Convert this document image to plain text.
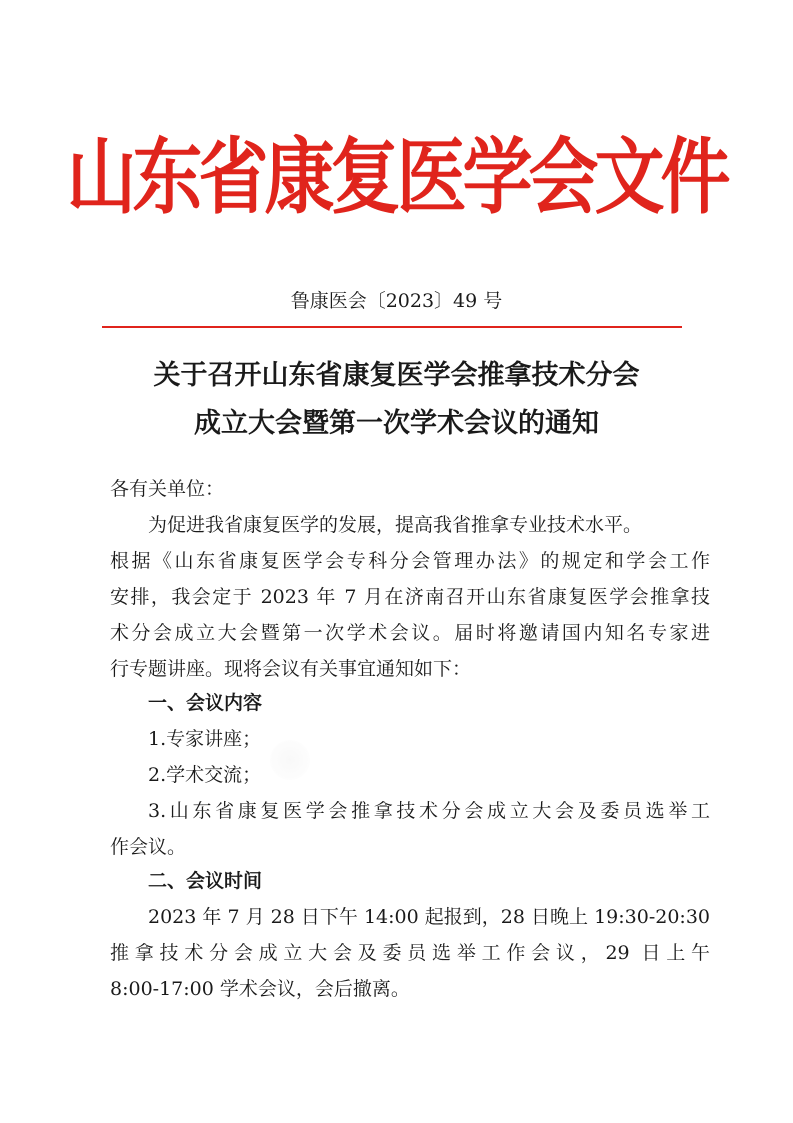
山东省康复医学会文件
鲁康医会〔2023〕49 号
关于召开山东省康复医学会推拿技术分会
成立大会暨第一次学术会议的通知
各有关单位：
为促进我省康复医学的发展，提高我省推拿专业技术水平。
根据《山东省康复医学会专科分会管理办法》的规定和学会工作
安排，我会定于 2023 年 7 月在济南召开山东省康复医学会推拿技
术分会成立大会暨第一次学术会议。届时将邀请国内知名专家进
行专题讲座。现将会议有关事宜通知如下：
一、会议内容
1.专家讲座；
2.学术交流；
3.山东省康复医学会推拿技术分会成立大会及委员选举工
作会议。
二、会议时间
2023 年 7 月 28 日下午 14:00 起报到，28 日晚上 19:30-20:30
推拿技术分会成立大会及委员选举工作会议，29 日上午
8:00-17:00 学术会议，会后撤离。
